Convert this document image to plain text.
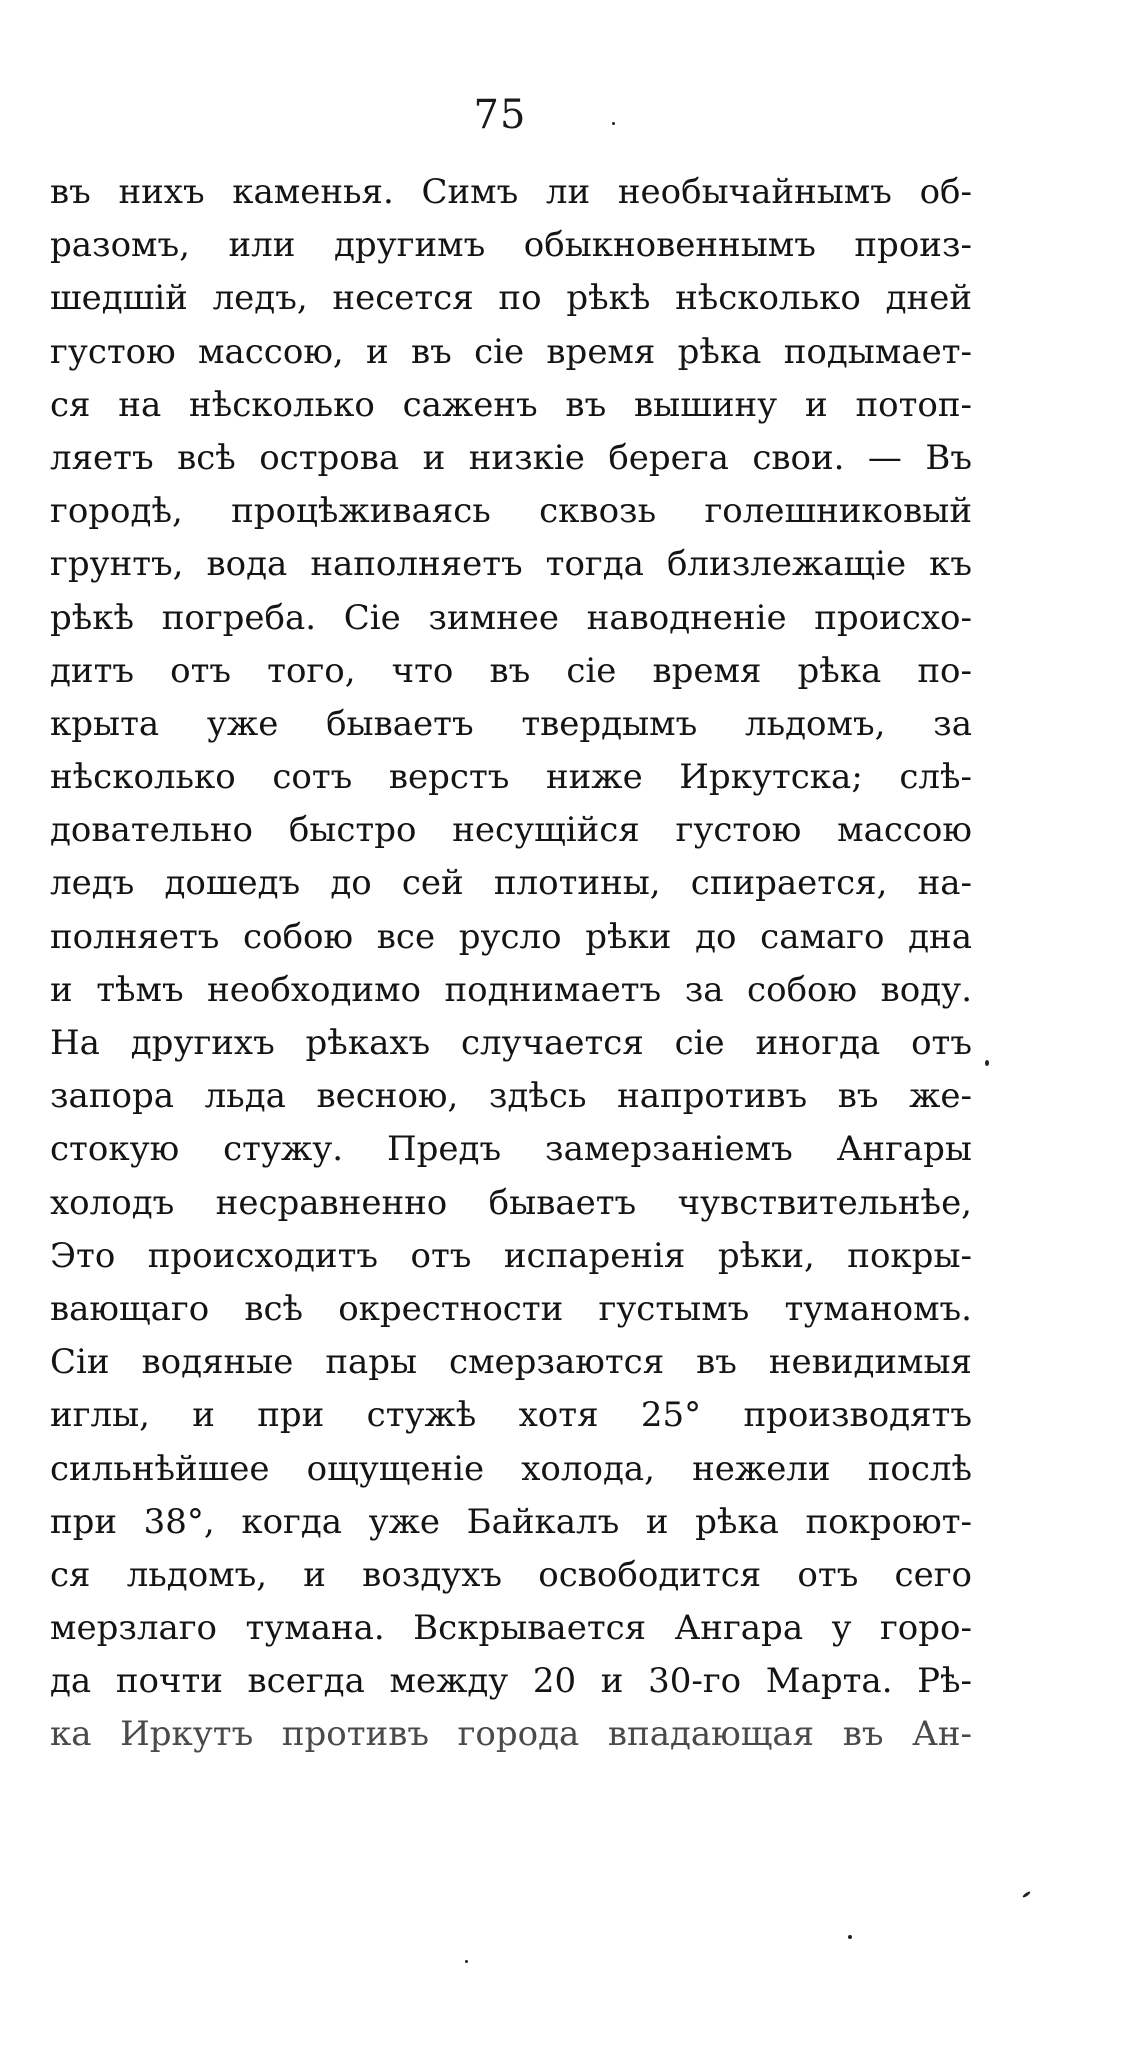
75
въ нихъ каменья. Симъ ли необычайнымъ об-
разомъ, или другимъ обыкновеннымъ произ-
шедшій ледъ, несется по рѣкѣ нѣсколько дней
густою массою, и въ сіе время рѣка подымает-
ся на нѣсколько саженъ въ вышину и потоп-
ляетъ всѣ острова и низкіе берега свои. — Въ
городѣ, процѣживаясь сквозь голешниковый
грунтъ, вода наполняетъ тогда близлежащіе къ
рѣкѣ погреба. Сіе зимнее наводненіе происхо-
дитъ отъ того, что въ сіе время рѣка по-
крыта уже бываетъ твердымъ льдомъ, за
нѣсколько сотъ верстъ ниже Иркутска; слѣ-
довательно быстро несущійся густою массою
ледъ дошедъ до сей плотины, спирается, на-
полняетъ собою все русло рѣки до самаго дна
и тѣмъ необходимо поднимаетъ за собою воду.
На другихъ рѣкахъ случается сіе иногда отъ
запора льда весною, здѣсь напротивъ въ же-
стокую стужу. Предъ замерзаніемъ Ангары
холодъ несравненно бываетъ чувствительнѣе,
Это происходитъ отъ испаренія рѣки, покры-
вающаго всѣ окрестности густымъ туманомъ.
Сіи водяные пары смерзаются въ невидимыя
иглы, и при стужѣ хотя 25° производятъ
сильнѣйшее ощущеніе холода, нежели послѣ
при 38°, когда уже Байкалъ и рѣка покроют-
ся льдомъ, и воздухъ освободится отъ сего
мерзлаго тумана. Вскрывается Ангара у горо-
да почти всегда между 20 и 30-го Марта. Рѣ-
ка Иркутъ противъ города впадающая въ Ан-
